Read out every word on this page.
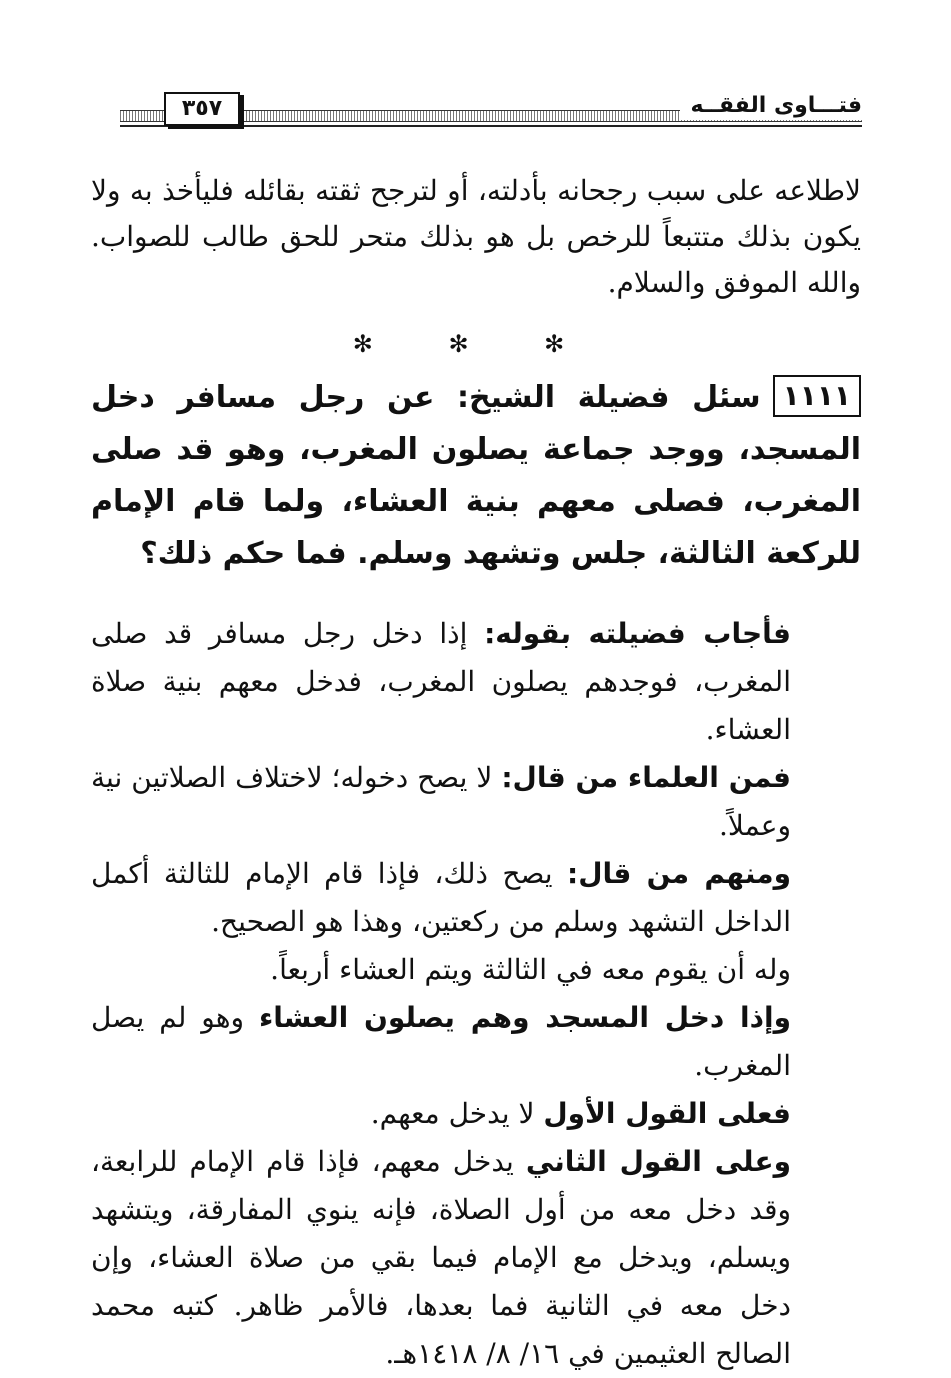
فتـــاوى الفقــه
٣٥٧

لاطلاعه على سبب رجحانه بأدلته، أو لترجح ثقته بقائله فليأخذ به ولا يكون بذلك متتبعاً للرخص بل هو بذلك متحر للحق طالب للصواب. والله الموفق والسلام.

✻ ✻ ✻

١١١١سئل فضيلة الشيخ: عن رجل مسافر دخل المسجد، ووجد جماعة يصلون المغرب، وهو قد صلى المغرب، فصلى معهم بنية العشاء، ولما قام الإمام للركعة الثالثة، جلس وتشهد وسلم. فما حكم ذلك؟

فأجاب فضيلته بقوله: إذا دخل رجل مسافر قد صلى المغرب، فوجدهم يصلون المغرب، فدخل معهم بنية صلاة العشاء.

فمن العلماء من قال: لا يصح دخوله؛ لاختلاف الصلاتين نية وعملاً.

ومنهم من قال: يصح ذلك، فإذا قام الإمام للثالثة أكمل الداخل التشهد وسلم من ركعتين، وهذا هو الصحيح.

وله أن يقوم معه في الثالثة ويتم العشاء أربعاً.

وإذا دخل المسجد وهم يصلون العشاء وهو لم يصل المغرب.

فعلى القول الأول لا يدخل معهم.

وعلى القول الثاني يدخل معهم، فإذا قام الإمام للرابعة، وقد دخل معه من أول الصلاة، فإنه ينوي المفارقة، ويتشهد ويسلم، ويدخل مع الإمام فيما بقي من صلاة العشاء، وإن دخل معه في الثانية فما بعدها، فالأمر ظاهر. كتبه محمد الصالح العثيمين في ١٦/ ٨/ ١٤١٨هـ.
